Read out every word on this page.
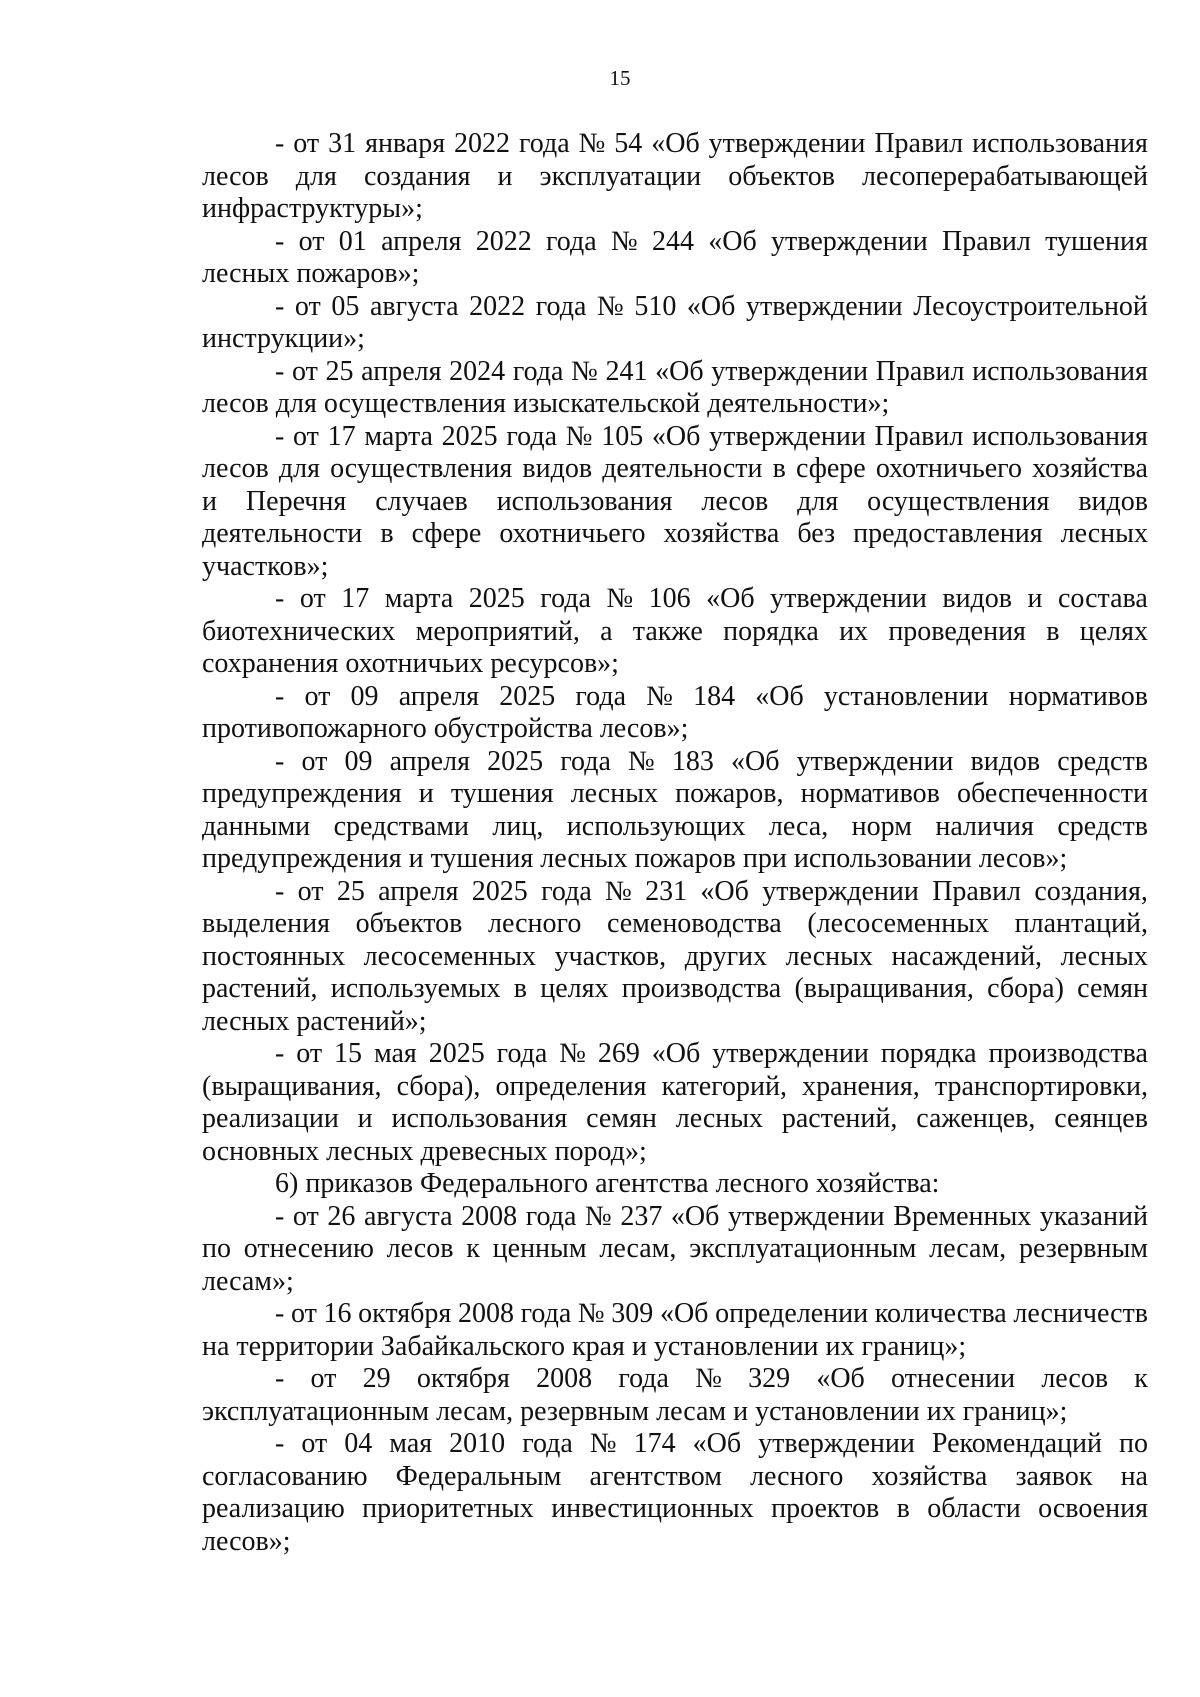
15
- от 31 января 2022 года № 54 «Об утверждении Правил использования
лесов для создания и эксплуатации объектов лесоперерабатывающей
инфраструктуры»;
- от 01 апреля 2022 года № 244 «Об утверждении Правил тушения
лесных пожаров»;
- от 05 августа 2022 года № 510 «Об утверждении Лесоустроительной
инструкции»;
- от 25 апреля 2024 года № 241 «Об утверждении Правил использования
лесов для осуществления изыскательской деятельности»;
- от 17 марта 2025 года № 105 «Об утверждении Правил использования
лесов для осуществления видов деятельности в сфере охотничьего хозяйства
и Перечня случаев использования лесов для осуществления видов
деятельности в сфере охотничьего хозяйства без предоставления лесных
участков»;
- от 17 марта 2025 года № 106 «Об утверждении видов и состава
биотехнических мероприятий, а также порядка их проведения в целях
сохранения охотничьих ресурсов»;
- от 09 апреля 2025 года № 184 «Об установлении нормативов
противопожарного обустройства лесов»;
- от 09 апреля 2025 года № 183 «Об утверждении видов средств
предупреждения и тушения лесных пожаров, нормативов обеспеченности
данными средствами лиц, использующих леса, норм наличия средств
предупреждения и тушения лесных пожаров при использовании лесов»;
- от 25 апреля 2025 года № 231 «Об утверждении Правил создания,
выделения объектов лесного семеноводства (лесосеменных плантаций,
постоянных лесосеменных участков, других лесных насаждений, лесных
растений, используемых в целях производства (выращивания, сбора) семян
лесных растений»;
- от 15 мая 2025 года № 269 «Об утверждении порядка производства
(выращивания, сбора), определения категорий, хранения, транспортировки,
реализации и использования семян лесных растений, саженцев, сеянцев
основных лесных древесных пород»;
6) приказов Федерального агентства лесного хозяйства:
- от 26 августа 2008 года № 237 «Об утверждении Временных указаний
по отнесению лесов к ценным лесам, эксплуатационным лесам, резервным
лесам»;
- от 16 октября 2008 года № 309 «Об определении количества лесничеств
на территории Забайкальского края и установлении их границ»;
- от 29 октября 2008 года № 329 «Об отнесении лесов к
эксплуатационным лесам, резервным лесам и установлении их границ»;
- от 04 мая 2010 года № 174 «Об утверждении Рекомендаций по
согласованию Федеральным агентством лесного хозяйства заявок на
реализацию приоритетных инвестиционных проектов в области освоения
лесов»;
